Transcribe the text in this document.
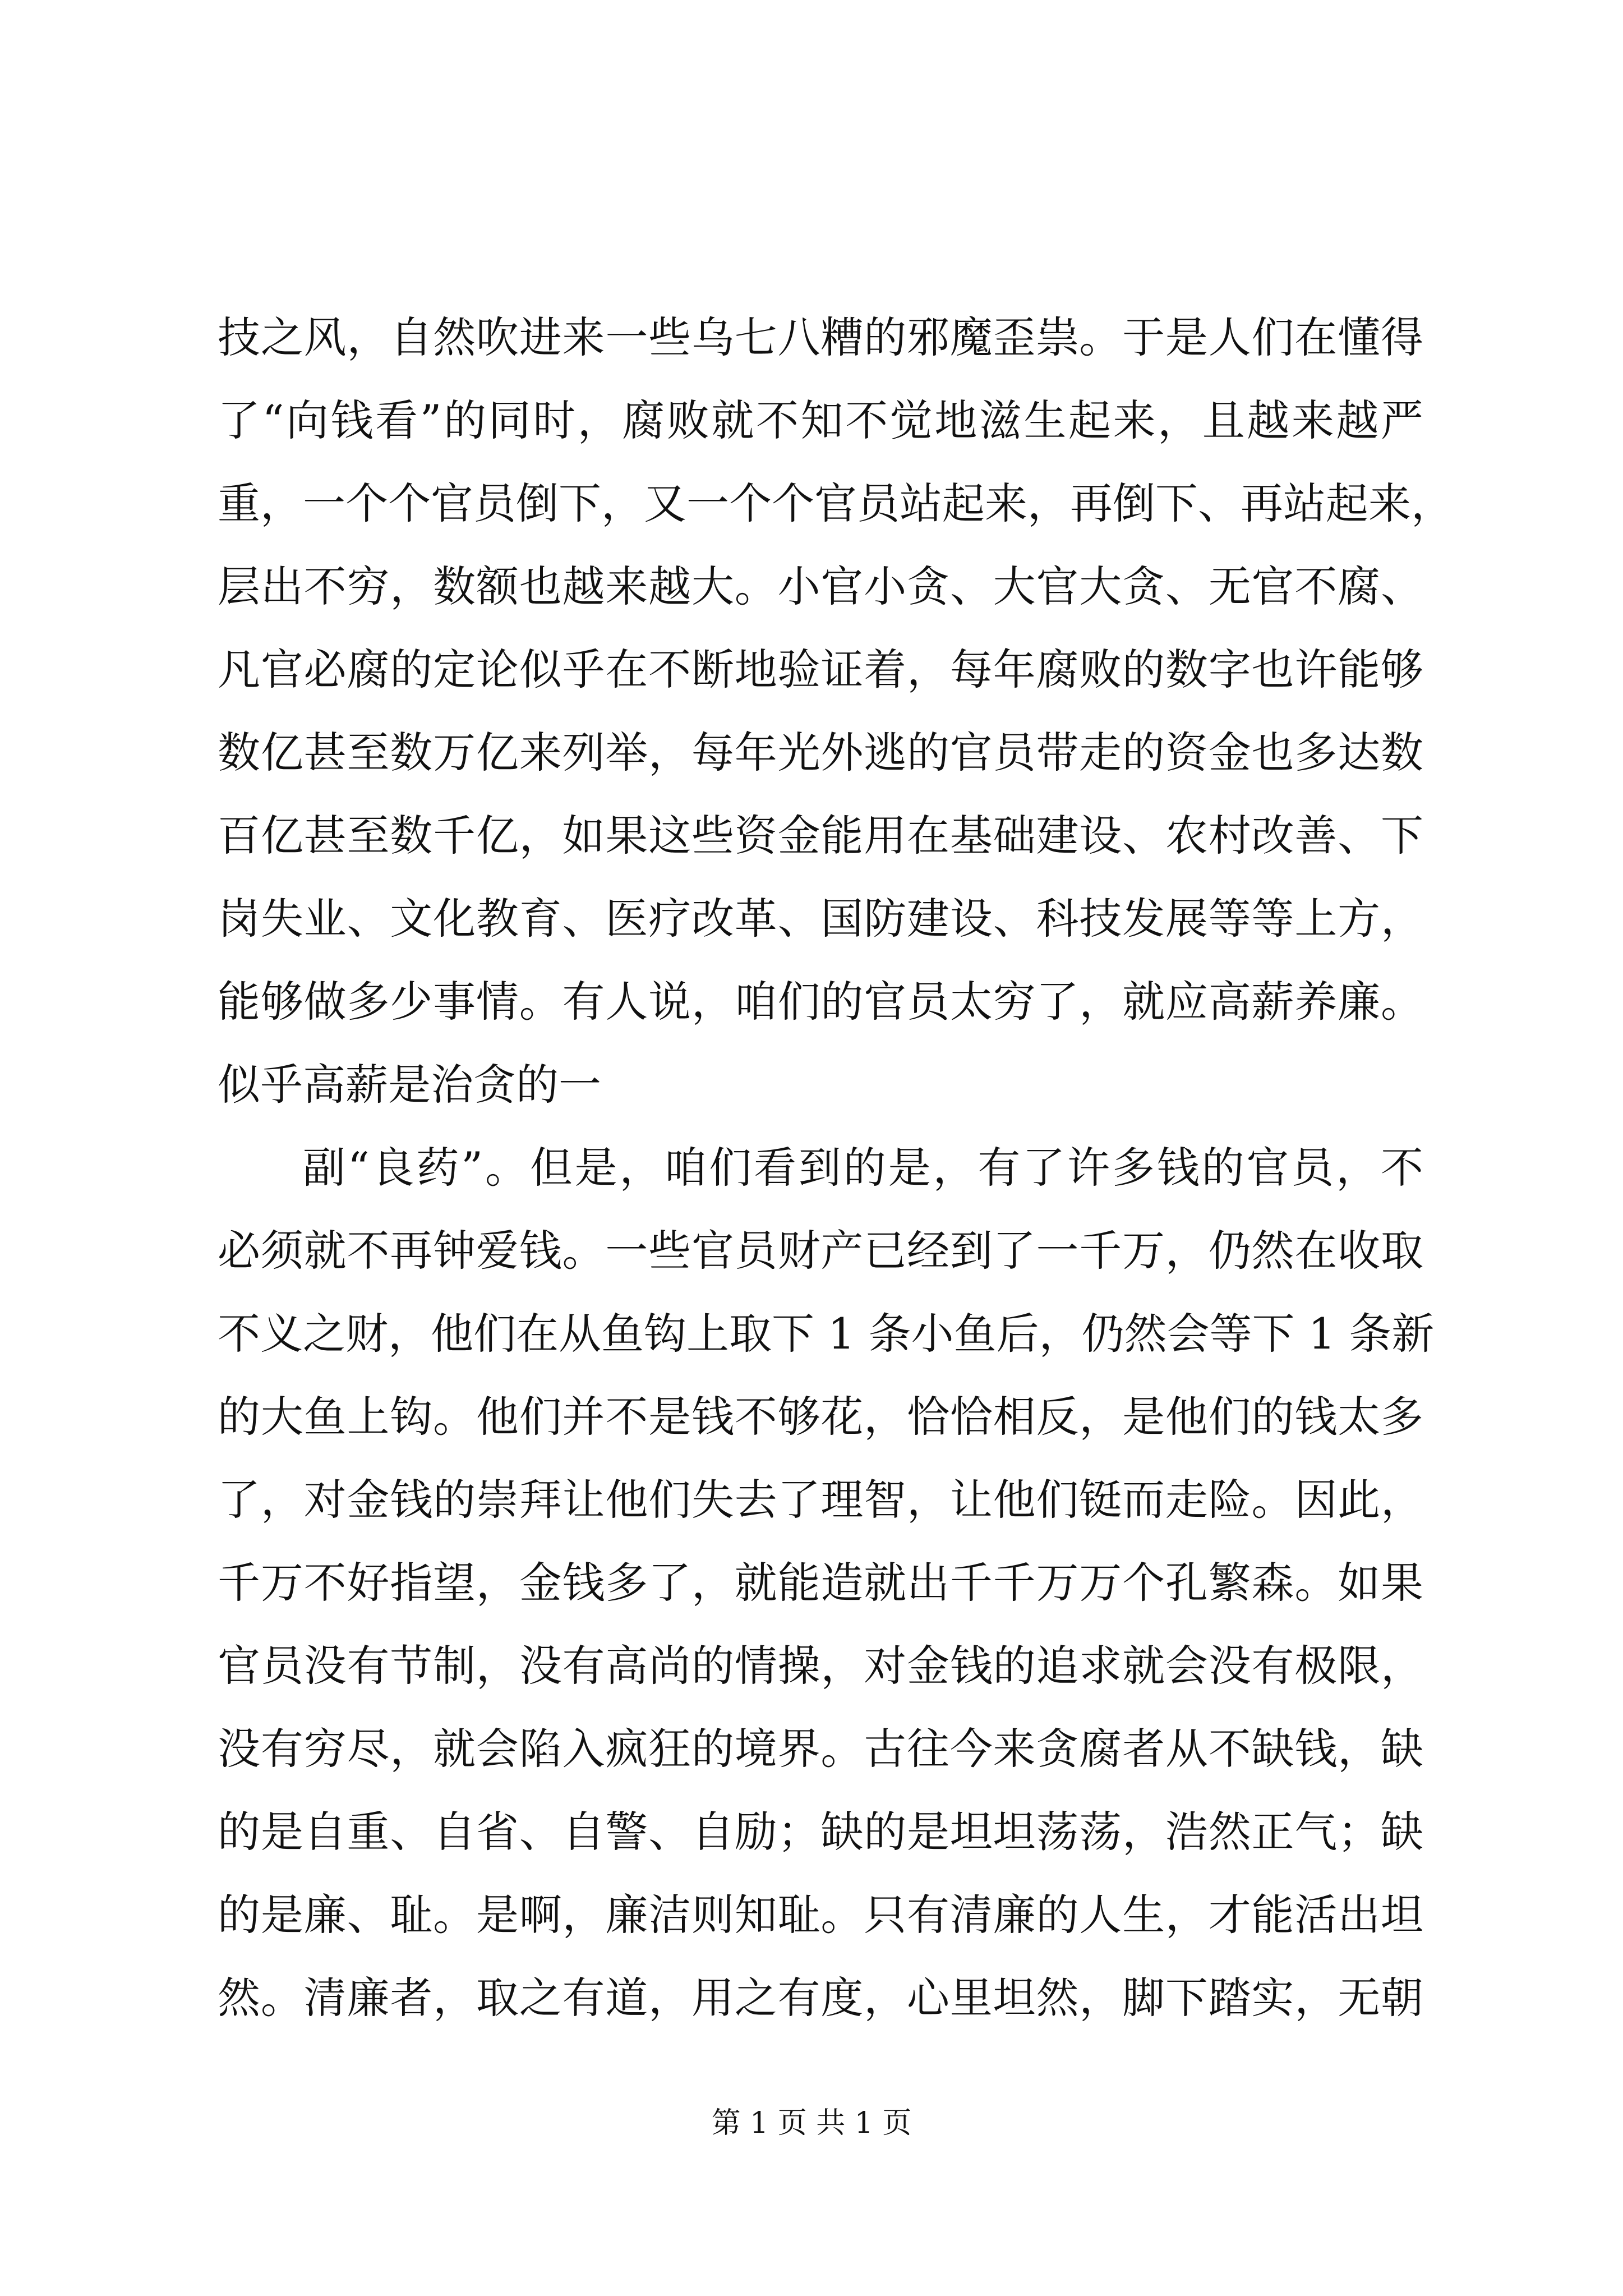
技之风，自然吹进来一些乌七八糟的邪魔歪祟。于是人们在懂得
了“向钱看”的同时，腐败就不知不觉地滋生起来，且越来越严
重，一个个官员倒下，又一个个官员站起来，再倒下、再站起来，
层出不穷，数额也越来越大。小官小贪、大官大贪、无官不腐、
凡官必腐的定论似乎在不断地验证着，每年腐败的数字也许能够
数亿甚至数万亿来列举，每年光外逃的官员带走的资金也多达数
百亿甚至数千亿，如果这些资金能用在基础建设、农村改善、下
岗失业、文化教育、医疗改革、国防建设、科技发展等等上方，
能够做多少事情。有人说，咱们的官员太穷了，就应高薪养廉。
似乎高薪是治贪的一
副“良药”。但是，咱们看到的是，有了许多钱的官员，不
必须就不再钟爱钱。一些官员财产已经到了一千万，仍然在收取
不义之财，他们在从鱼钩上取下 1 条小鱼后，仍然会等下 1 条新
的大鱼上钩。他们并不是钱不够花，恰恰相反，是他们的钱太多
了，对金钱的崇拜让他们失去了理智，让他们铤而走险。因此，
千万不好指望，金钱多了，就能造就出千千万万个孔繁森。如果
官员没有节制，没有高尚的情操，对金钱的追求就会没有极限，
没有穷尽，就会陷入疯狂的境界。古往今来贪腐者从不缺钱，缺
的是自重、自省、自警、自励；缺的是坦坦荡荡，浩然正气；缺
的是廉、耻。是啊，廉洁则知耻。只有清廉的人生，才能活出坦
然。清廉者，取之有道，用之有度，心里坦然，脚下踏实，无朝
第 1 页 共 1 页
